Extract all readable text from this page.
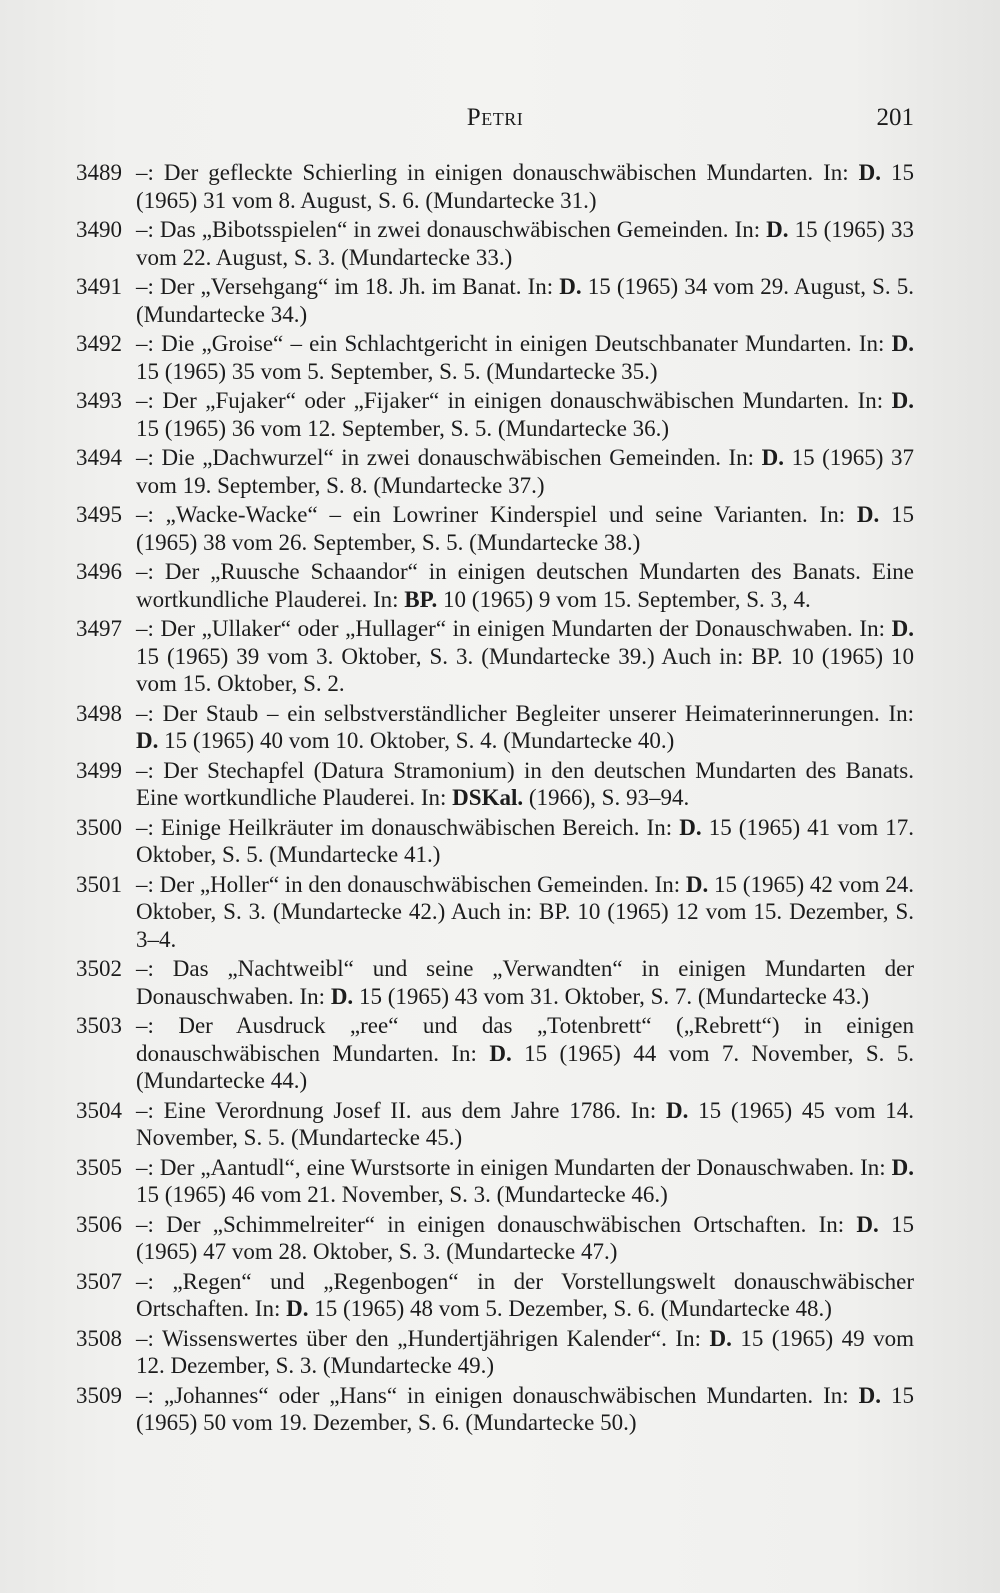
Petri	201
3489 –: Der gefleckte Schierling in einigen donauschwäbischen Mundarten. In: D. 15 (1965) 31 vom 8. August, S. 6. (Mundartecke 31.)
3490 –: Das „Bibotsspielen“ in zwei donauschwäbischen Gemeinden. In: D. 15 (1965) 33 vom 22. August, S. 3. (Mundartecke 33.)
3491 –: Der „Versehgang“ im 18. Jh. im Banat. In: D. 15 (1965) 34 vom 29. August, S. 5. (Mundartecke 34.)
3492 –: Die „Groise“ – ein Schlachtgericht in einigen Deutschbanater Mundarten. In: D. 15 (1965) 35 vom 5. September, S. 5. (Mundartecke 35.)
3493 –: Der „Fujaker“ oder „Fijaker“ in einigen donauschwäbischen Mundarten. In: D. 15 (1965) 36 vom 12. September, S. 5. (Mundartecke 36.)
3494 –: Die „Dachwurzel“ in zwei donauschwäbischen Gemeinden. In: D. 15 (1965) 37 vom 19. September, S. 8. (Mundartecke 37.)
3495 –: „Wacke-Wacke“ – ein Lowriner Kinderspiel und seine Varianten. In: D. 15 (1965) 38 vom 26. September, S. 5. (Mundartecke 38.)
3496 –: Der „Ruusche Schaandor“ in einigen deutschen Mundarten des Banats. Eine wortkundliche Plauderei. In: BP. 10 (1965) 9 vom 15. September, S. 3, 4.
3497 –: Der „Ullaker“ oder „Hullager“ in einigen Mundarten der Donauschwaben. In: D. 15 (1965) 39 vom 3. Oktober, S. 3. (Mundartecke 39.) Auch in: BP. 10 (1965) 10 vom 15. Oktober, S. 2.
3498 –: Der Staub – ein selbstverständlicher Begleiter unserer Heimaterinnerungen. In: D. 15 (1965) 40 vom 10. Oktober, S. 4. (Mundartecke 40.)
3499 –: Der Stechapfel (Datura Stramonium) in den deutschen Mundarten des Banats. Eine wortkundliche Plauderei. In: DSKal. (1966), S. 93–94.
3500 –: Einige Heilkräuter im donauschwäbischen Bereich. In: D. 15 (1965) 41 vom 17. Oktober, S. 5. (Mundartecke 41.)
3501 –: Der „Holler“ in den donauschwäbischen Gemeinden. In: D. 15 (1965) 42 vom 24. Oktober, S. 3. (Mundartecke 42.) Auch in: BP. 10 (1965) 12 vom 15. Dezember, S. 3–4.
3502 –: Das „Nachtweibl“ und seine „Verwandten“ in einigen Mundarten der Donauschwaben. In: D. 15 (1965) 43 vom 31. Oktober, S. 7. (Mundartecke 43.)
3503 –: Der Ausdruck „ree“ und das „Totenbrett“ („Rebrett“) in einigen donauschwäbischen Mundarten. In: D. 15 (1965) 44 vom 7. November, S. 5. (Mundartecke 44.)
3504 –: Eine Verordnung Josef II. aus dem Jahre 1786. In: D. 15 (1965) 45 vom 14. November, S. 5. (Mundartecke 45.)
3505 –: Der „Aantudl“, eine Wurstsorte in einigen Mundarten der Donauschwaben. In: D. 15 (1965) 46 vom 21. November, S. 3. (Mundartecke 46.)
3506 –: Der „Schimmelreiter“ in einigen donauschwäbischen Ortschaften. In: D. 15 (1965) 47 vom 28. Oktober, S. 3. (Mundartecke 47.)
3507 –: „Regen“ und „Regenbogen“ in der Vorstellungswelt donauschwäbischer Ortschaften. In: D. 15 (1965) 48 vom 5. Dezember, S. 6. (Mundartecke 48.)
3508 –: Wissenswertes über den „Hundertjährigen Kalender“. In: D. 15 (1965) 49 vom 12. Dezember, S. 3. (Mundartecke 49.)
3509 –: „Johannes“ oder „Hans“ in einigen donauschwäbischen Mundarten. In: D. 15 (1965) 50 vom 19. Dezember, S. 6. (Mundartecke 50.)
